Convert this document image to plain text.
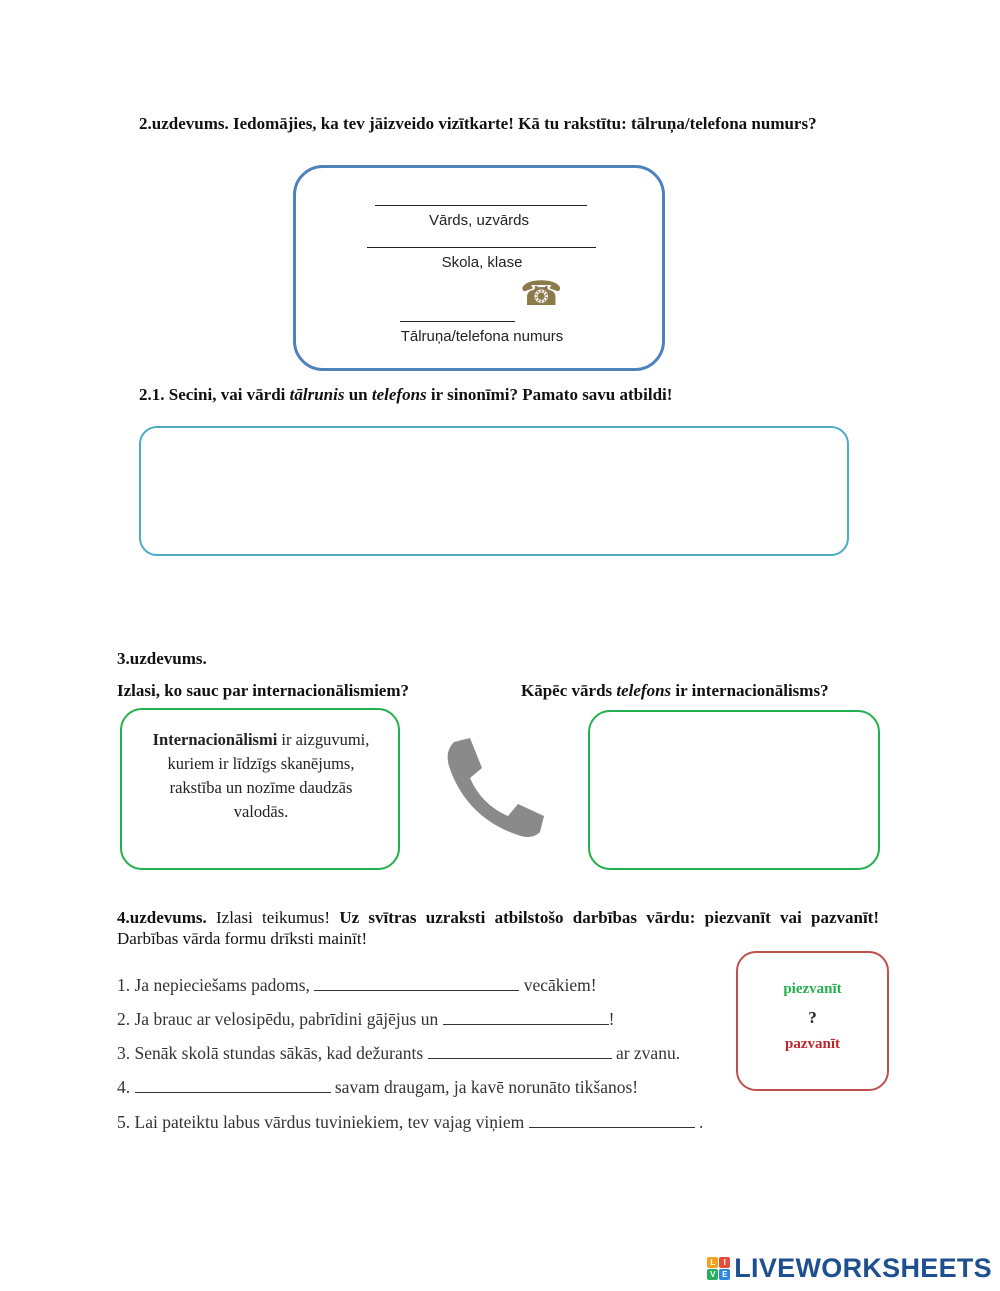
2.uzdevums. Iedomājies, ka tev jāizveido vizītkarte! Kā tu rakstītu: tālruņa/telefona numurs?
Vārds, uzvārds
Skola, klase
☎
Tālruņa/telefona numurs
2.1. Secini, vai vārdi tālrunis un telefons ir sinonīmi? Pamato savu atbildi!
3.uzdevums.
Izlasi, ko sauc par internacionālismiem?	Kāpēc vārds telefons ir internacionālisms?
Internacionālismi ir aizguvumi, kuriem ir līdzīgs skanējums, rakstība un nozīme daudzās valodās.
4.uzdevums. Izlasi teikumus! Uz svītras uzraksti atbilstošo darbības vārdu: piezvanīt vai pazvanīt! Darbības vārda formu drīksti mainīt!
1. Ja nepieciešams padoms,	vecākiem!
2. Ja brauc ar velosipēdu, pabrīdini gājējus un	!
3. Senāk skolā stundas sākās, kad dežurants	ar zvanu.
4.	savam draugam, ja kavē norunāto tikšanos!
5. Lai pateiktu labus vārdus tuviniekiem, tev vajag viņiem	.
piezvanīt
?
pazvanīt
L	I
V E LIVEWORKSHEETS
